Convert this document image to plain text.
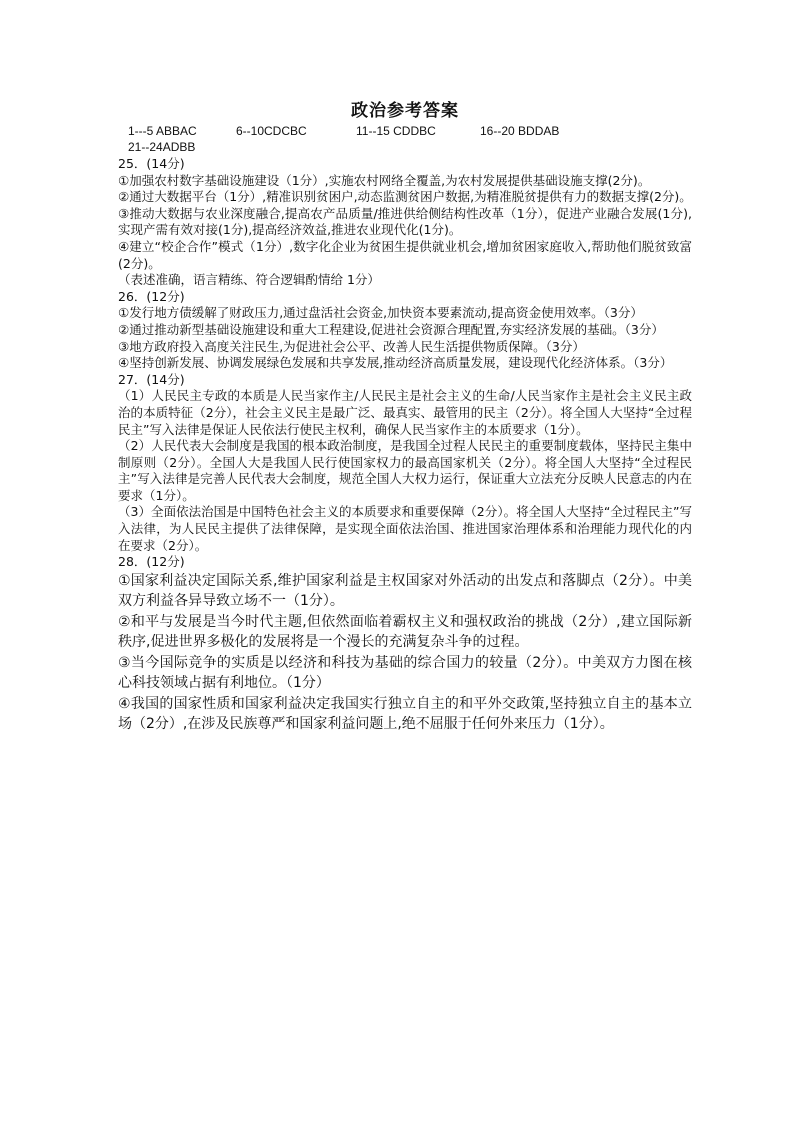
政治参考答案
1---5 ABBAC	6--10CDCBC	11--15 CDDBC	16--20 BDDAB
21--24ADBB
25．(14分)

①加强农村数字基础设施建设（1分）,实施农村网络全覆盖,为农村发展提供基础设施支撑(2分)。

②通过大数据平台（1分）,精准识别贫困户,动态监测贫困户数据,为精准脱贫提供有力的数据支撑(2分)。

③推动大数据与农业深度融合,提高农产品质量/推进供给侧结构性改革（1分），促进产业融合发展(1分),实现产需有效对接(1分),提高经济效益,推进农业现代化(1分)。

④建立“校企合作”模式（1分）,数字化企业为贫困生提供就业机会,增加贫困家庭收入,帮助他们脱贫致富(2分)。

（表述准确，语言精练、符合逻辑酌情给 1分）

26．(12分)

①发行地方债缓解了财政压力,通过盘活社会资金,加快资本要素流动,提高资金使用效率。（3分）

②通过推动新型基础设施建设和重大工程建设,促进社会资源合理配置,夯实经济发展的基础。（3分）

③地方政府投入高度关注民生,为促进社会公平、改善人民生活提供物质保障。（3分）

④坚持创新发展、协调发展绿色发展和共享发展,推动经济高质量发展，建设现代化经济体系。（3分）

27．(14分)

（1）人民民主专政的本质是人民当家作主/人民民主是社会主义的生命/人民当家作主是社会主义民主政治的本质特征（2分），社会主义民主是最广泛、最真实、最管用的民主（2分）。将全国人大坚持“全过程民主”写入法律是保证人民依法行使民主权利，确保人民当家作主的本质要求（1分）。

（2）人民代表大会制度是我国的根本政治制度，是我国全过程人民民主的重要制度载体，坚持民主集中制原则（2分）。全国人大是我国人民行使国家权力的最高国家机关（2分）。将全国人大坚持“全过程民主”写入法律是完善人民代表大会制度，规范全国人大权力运行，保证重大立法充分反映人民意志的内在要求（1分）。

（3）全面依法治国是中国特色社会主义的本质要求和重要保障（2分）。将全国人大坚持“全过程民主”写入法律，为人民民主提供了法律保障，是实现全面依法治国、推进国家治理体系和治理能力现代化的内在要求（2分）。

28．(12分)

①国家利益决定国际关系,维护国家利益是主权国家对外活动的出发点和落脚点（2分）。中美双方利益各异导致立场不一（1分）。

②和平与发展是当今时代主题,但依然面临着霸权主义和强权政治的挑战（2分）,建立国际新秩序,促进世界多极化的发展将是一个漫长的充满复杂斗争的过程。

③当今国际竞争的实质是以经济和科技为基础的综合国力的较量（2分）。中美双方力图在核心科技领域占据有利地位。（1分）

④我国的国家性质和国家利益决定我国实行独立自主的和平外交政策,坚持独立自主的基本立场（2分）,在涉及民族尊严和国家利益问题上,绝不屈服于任何外来压力（1分）。
